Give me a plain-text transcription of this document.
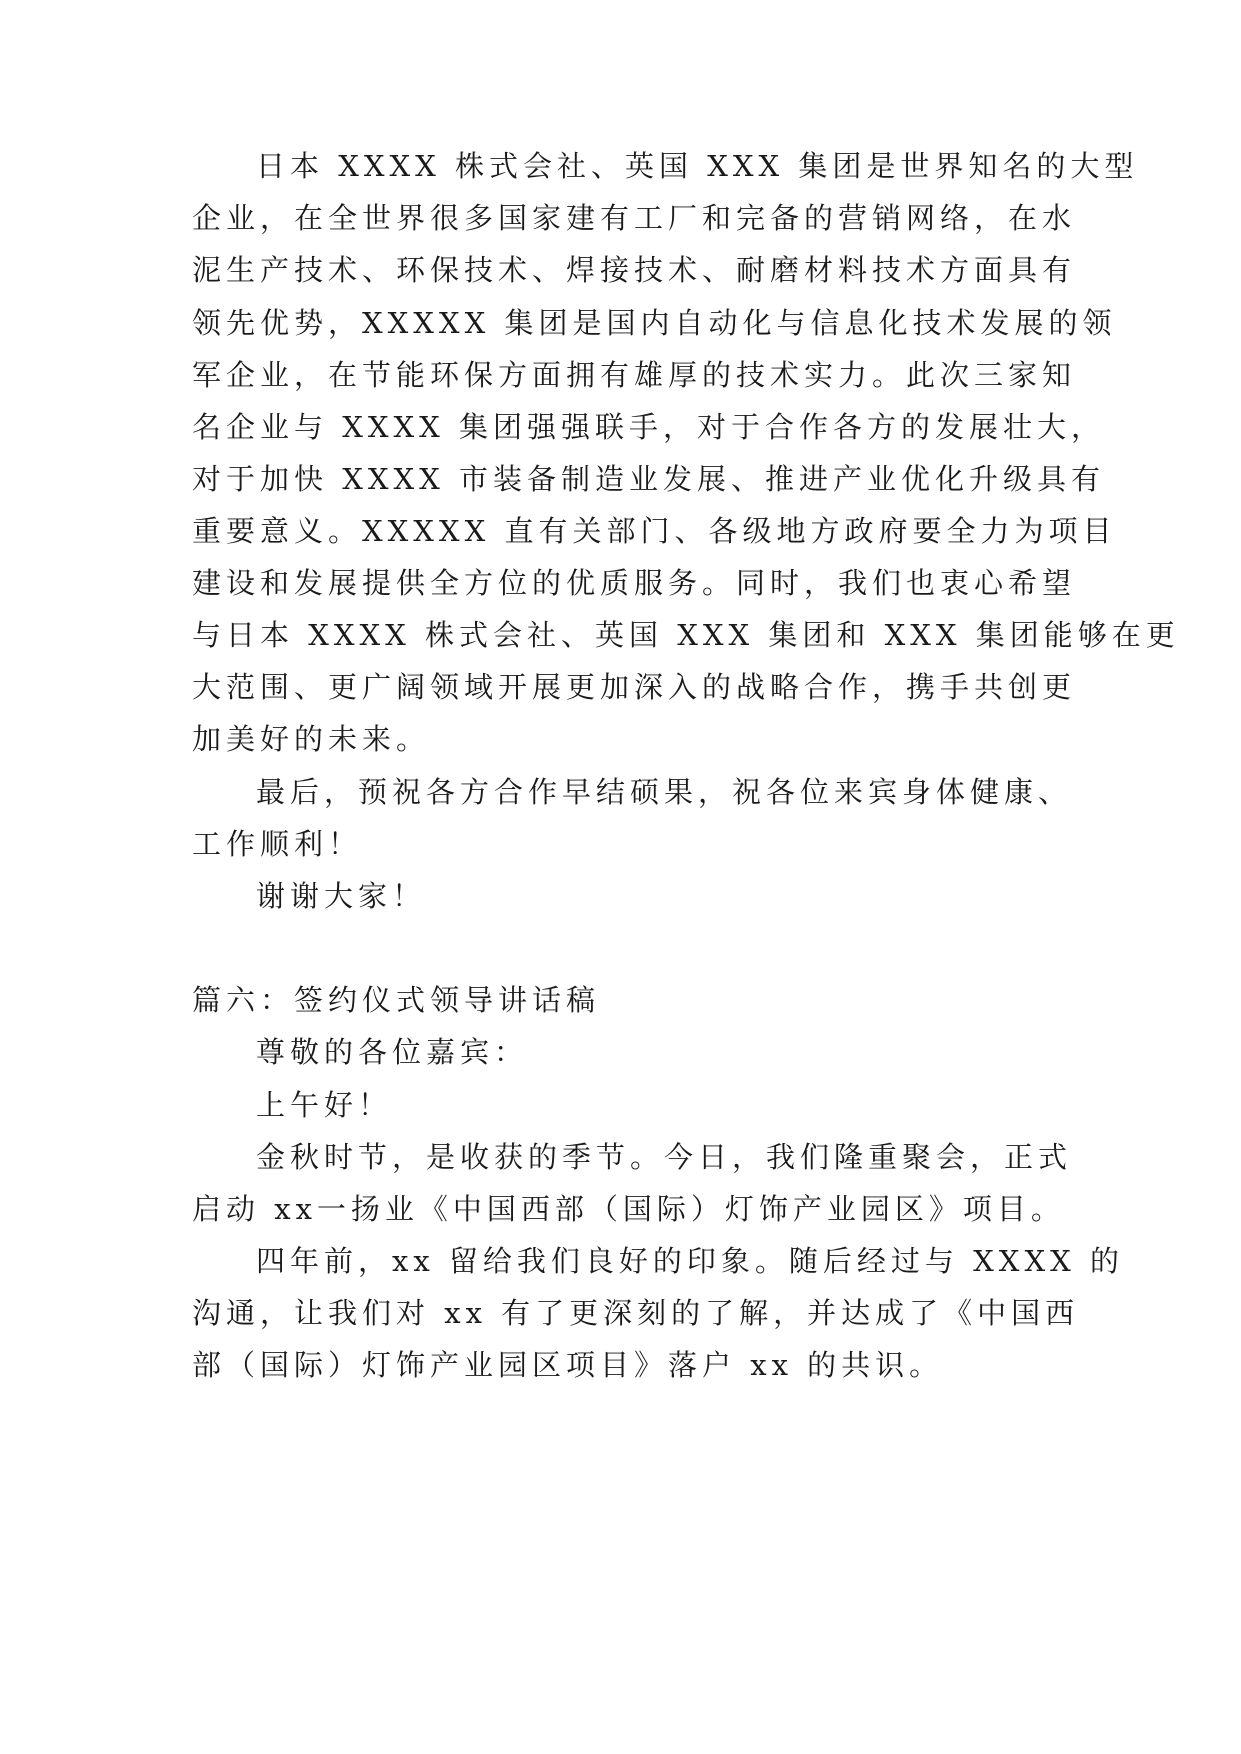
日本 XXXX 株式会社、英国 XXX 集团是世界知名的大型
企业，在全世界很多国家建有工厂和完备的营销网络，在水
泥生产技术、环保技术、焊接技术、耐磨材料技术方面具有
领先优势，XXXXX 集团是国内自动化与信息化技术发展的领
军企业，在节能环保方面拥有雄厚的技术实力。此次三家知
名企业与 XXXX 集团强强联手，对于合作各方的发展壮大，
对于加快 XXXX 市装备制造业发展、推进产业优化升级具有
重要意义。XXXXX 直有关部门、各级地方政府要全力为项目
建设和发展提供全方位的优质服务。同时，我们也衷心希望
与日本 XXXX 株式会社、英国 XXX 集团和 XXX 集团能够在更
大范围、更广阔领域开展更加深入的战略合作，携手共创更
加美好的未来。
最后，预祝各方合作早结硕果，祝各位来宾身体健康、
工作顺利！
谢谢大家！
篇六：签约仪式领导讲话稿
尊敬的各位嘉宾：
上午好！
金秋时节，是收获的季节。今日，我们隆重聚会，正式
启动 xx一扬业《中国西部（国际）灯饰产业园区》项目。
四年前，xx 留给我们良好的印象。随后经过与 XXXX 的
沟通，让我们对 xx 有了更深刻的了解，并达成了《中国西
部（国际）灯饰产业园区项目》落户 xx 的共识。
